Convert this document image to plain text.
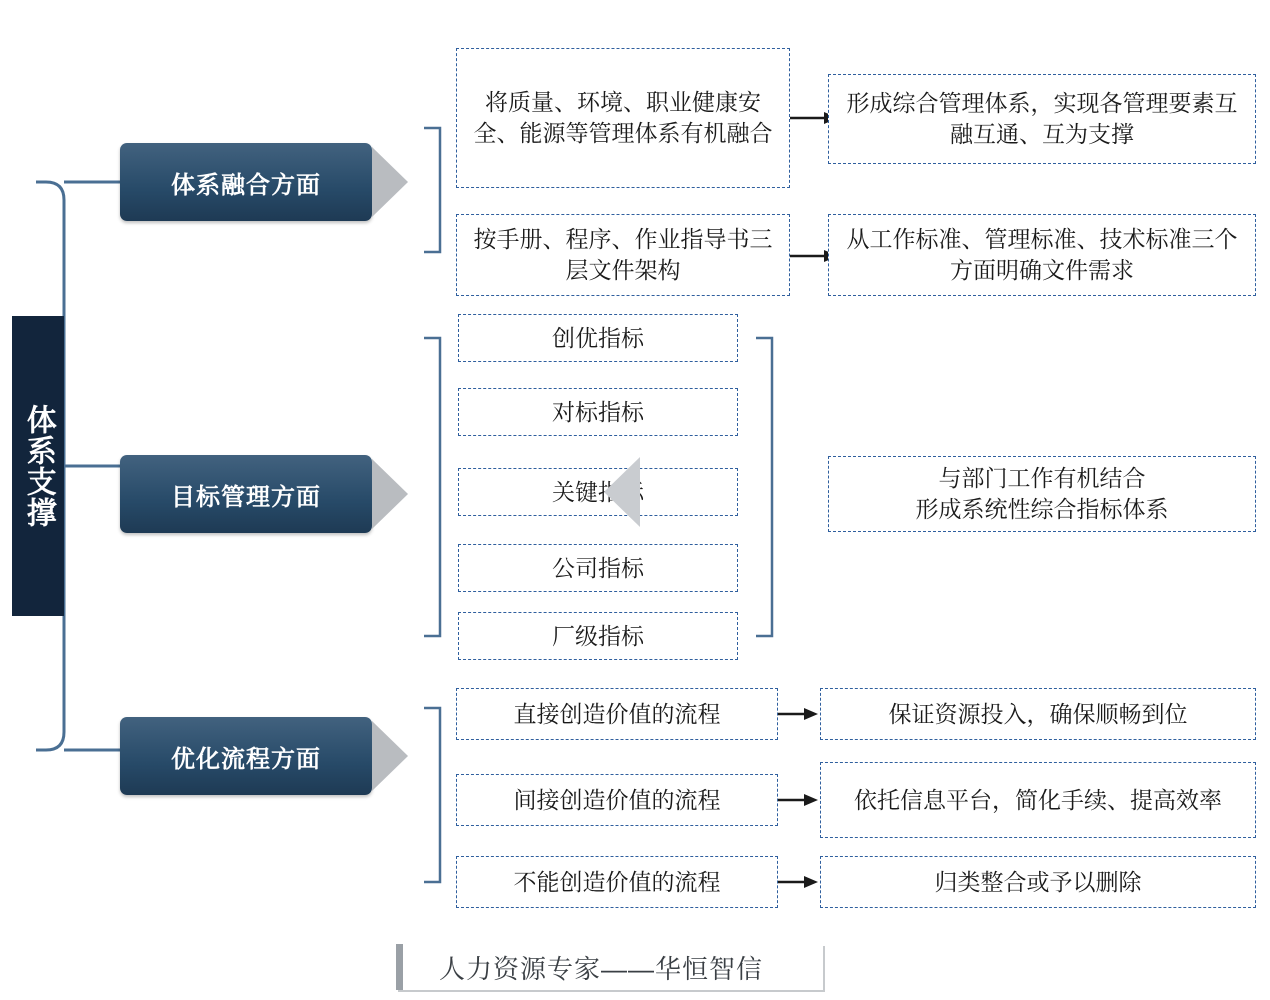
体系支撑
体系融合方面
目标管理方面
优化流程方面
将质量、环境、职业健康安全、能源等管理体系有机融合
按手册、程序、作业指导书三层文件架构
形成综合管理体系，实现各管理要素互融互通、互为支撑
从工作标准、管理标准、技术标准三个方面明确文件需求
创优指标
对标指标
关键指标
公司指标
厂级指标
与部门工作有机结合
形成系统性综合指标体系
直接创造价值的流程
间接创造价值的流程
不能创造价值的流程
保证资源投入，确保顺畅到位
依托信息平台，简化手续、提高效率
归类整合或予以删除
人力资源专家——华恒智信
